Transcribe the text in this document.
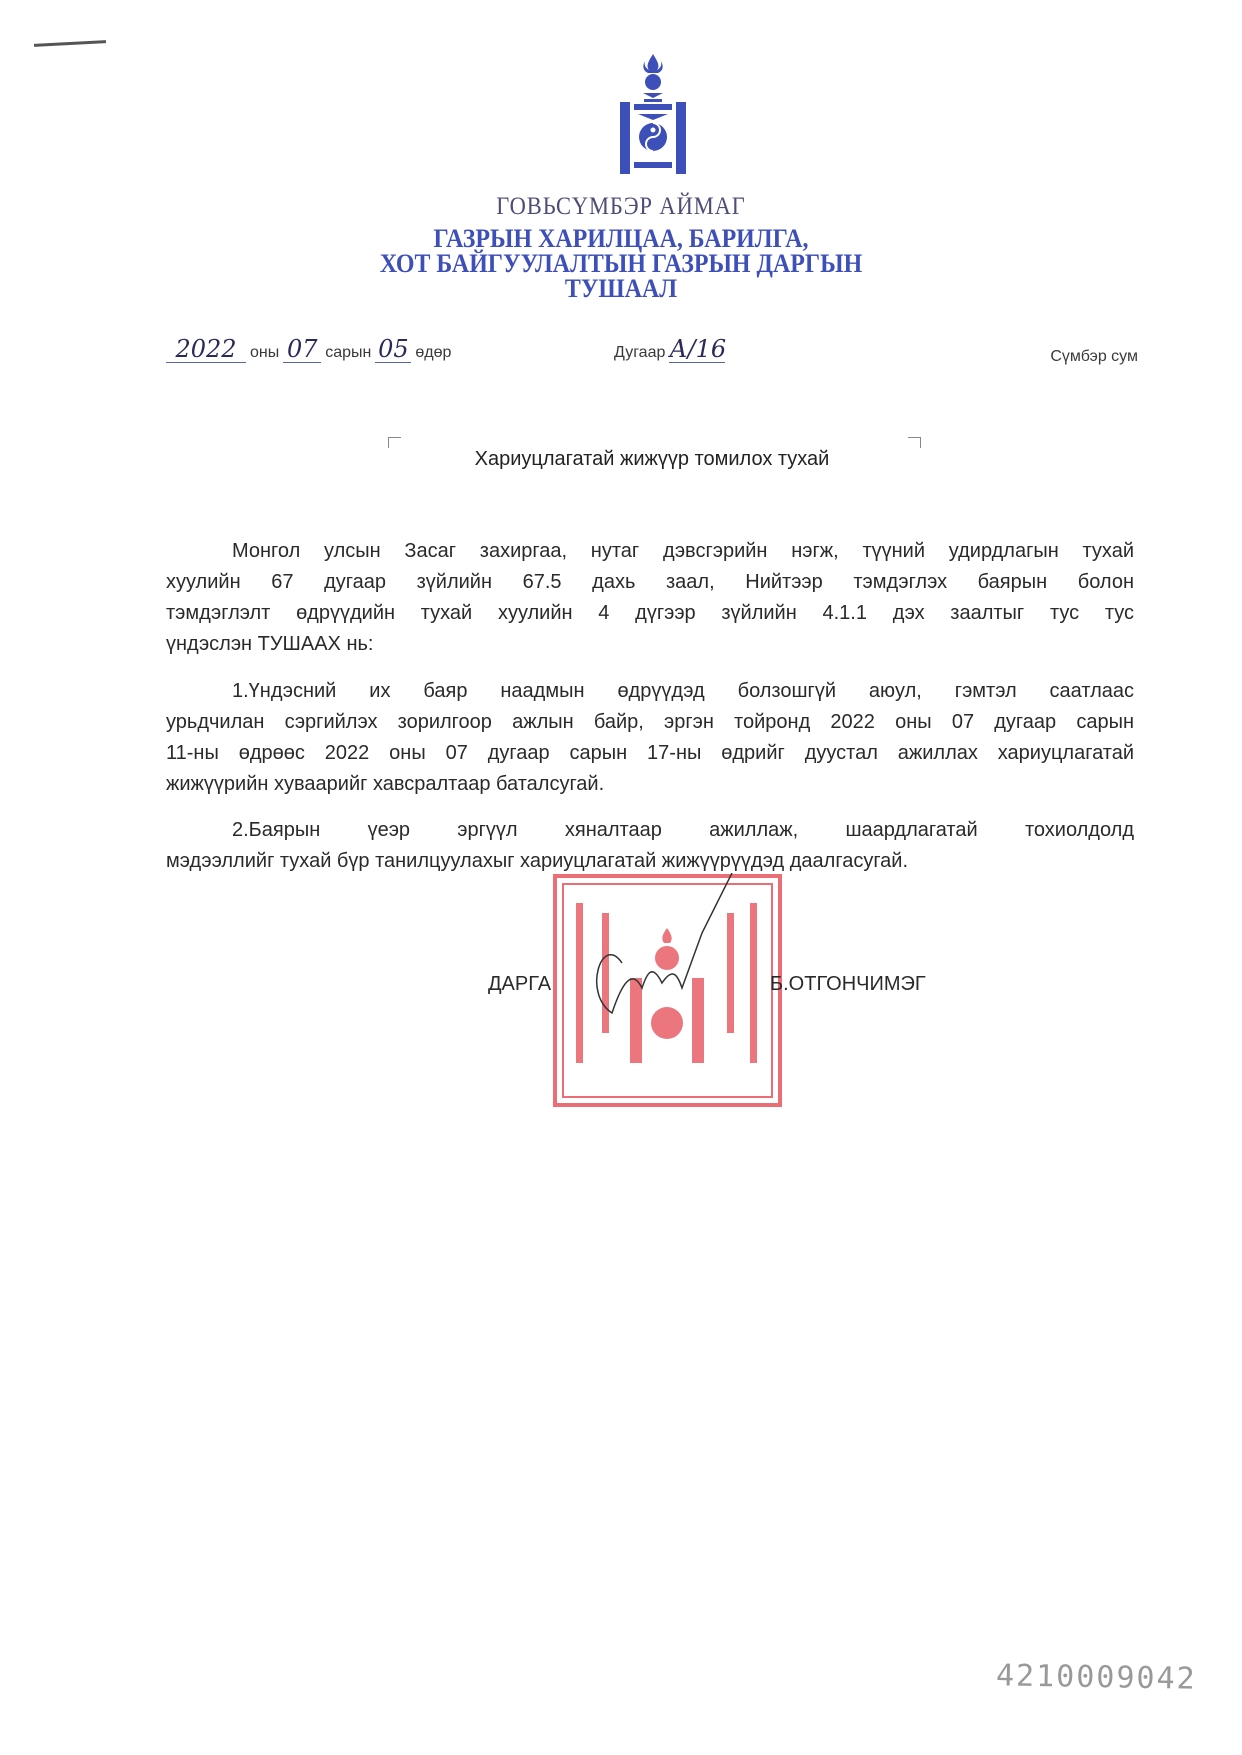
ГОВЬСҮМБЭР АЙМАГ
ГАЗРЫН ХАРИЛЦАА, БАРИЛГА,
ХОТ БАЙГУУЛАЛТЫН ГАЗРЫН ДАРГЫН
ТУШААЛ
2022 оны 07 сарын 05 өдөр	Дугаар А/16	Сүмбэр сум
Хариуцлагатай жижүүр томилох тухай
Монгол улсын Засаг захиргаа, нутаг дэвсгэрийн нэгж, түүний удирдлагын тухай
хуулийн 67 дугаар зүйлийн 67.5 дахь заал, Нийтээр тэмдэглэх баярын болон
тэмдэглэлт өдрүүдийн тухай хуулийн 4 дүгээр зүйлийн 4.1.1 дэх заалтыг тус тус
үндэслэн ТУШААХ нь:
1.Үндэсний их баяр наадмын өдрүүдэд болзошгүй аюул, гэмтэл саатлаас
урьдчилан сэргийлэх зорилгоор ажлын байр, эргэн тойронд 2022 оны 07 дугаар сарын
11-ны өдрөөс 2022 оны 07 дугаар сарын 17-ны өдрийг дуустал ажиллах хариуцлагатай
жижүүрийн хуваарийг хавсралтаар баталсугай.
2.Баярын үеэр эргүүл хяналтаар ажиллаж, шаардлагатай тохиолдолд
мэдээллийг тухай бүр танилцуулахыг хариуцлагатай жижүүрүүдэд даалгасугай.
ДАРГА	Б.ОТГОНЧИМЭГ
4210009042
